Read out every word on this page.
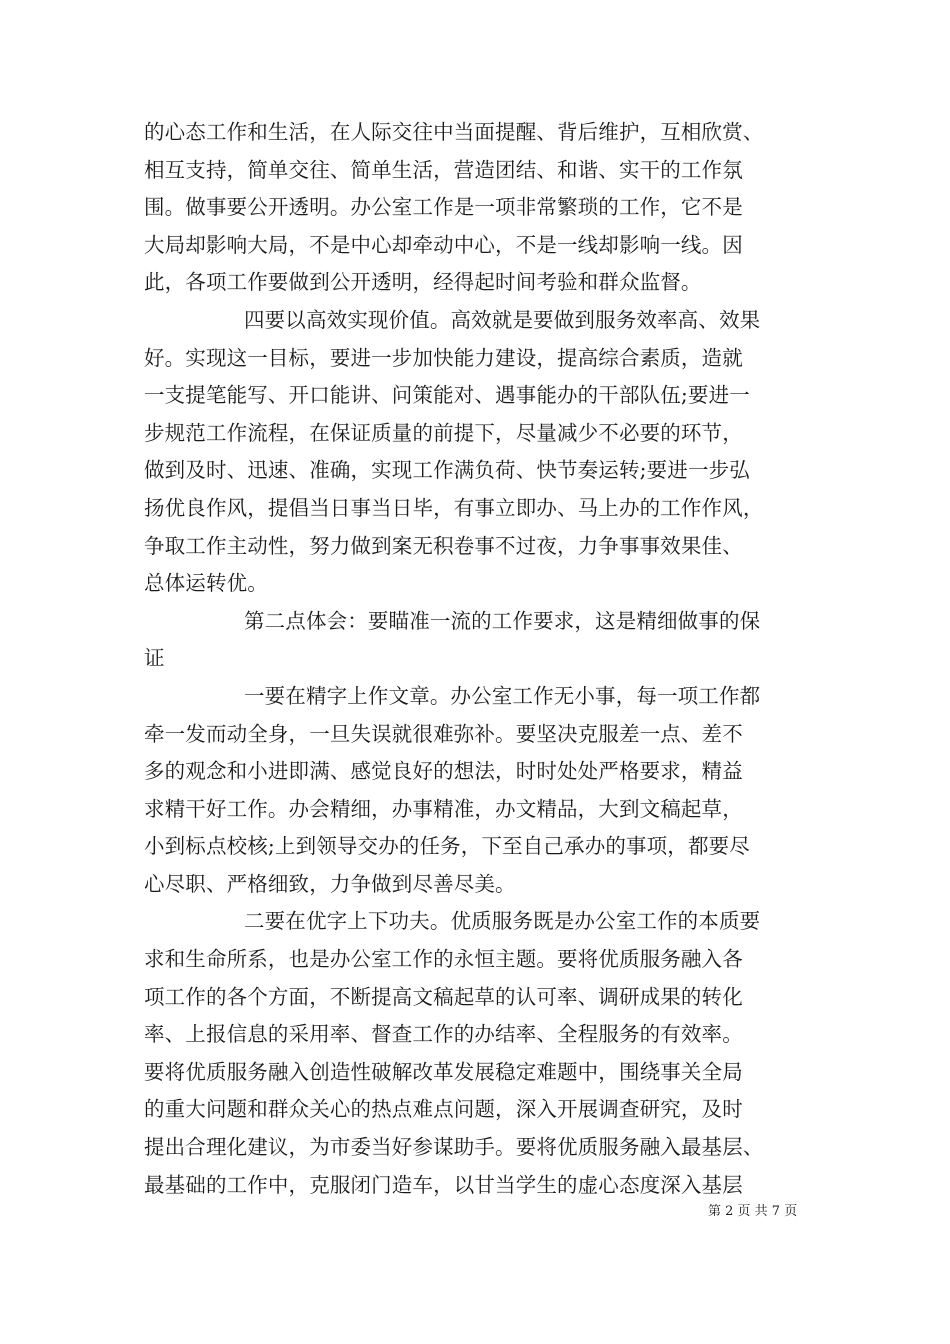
的心态工作和生活，在人际交往中当面提醒、背后维护，互相欣赏、
相互支持，简单交往、简单生活，营造团结、和谐、实干的工作氛
围。做事要公开透明。办公室工作是一项非常繁琐的工作，它不是
大局却影响大局，不是中心却牵动中心，不是一线却影响一线。因
此，各项工作要做到公开透明，经得起时间考验和群众监督。
四要以高效实现价值。高效就是要做到服务效率高、效果
好。实现这一目标，要进一步加快能力建设，提高综合素质，造就
一支提笔能写、开口能讲、问策能对、遇事能办的干部队伍;要进一
步规范工作流程，在保证质量的前提下，尽量减少不必要的环节，
做到及时、迅速、准确，实现工作满负荷、快节奏运转;要进一步弘
扬优良作风，提倡当日事当日毕，有事立即办、马上办的工作作风，
争取工作主动性，努力做到案无积卷事不过夜，力争事事效果佳、
总体运转优。
第二点体会：要瞄准一流的工作要求，这是精细做事的保
证
一要在精字上作文章。办公室工作无小事，每一项工作都
牵一发而动全身，一旦失误就很难弥补。要坚决克服差一点、差不
多的观念和小进即满、感觉良好的想法，时时处处严格要求，精益
求精干好工作。办会精细，办事精准，办文精品，大到文稿起草，
小到标点校核;上到领导交办的任务，下至自己承办的事项，都要尽
心尽职、严格细致，力争做到尽善尽美。
二要在优字上下功夫。优质服务既是办公室工作的本质要
求和生命所系，也是办公室工作的永恒主题。要将优质服务融入各
项工作的各个方面，不断提高文稿起草的认可率、调研成果的转化
率、上报信息的采用率、督查工作的办结率、全程服务的有效率。
要将优质服务融入创造性破解改革发展稳定难题中，围绕事关全局
的重大问题和群众关心的热点难点问题，深入开展调查研究，及时
提出合理化建议，为市委当好参谋助手。要将优质服务融入最基层、
最基础的工作中，克服闭门造车，以甘当学生的虚心态度深入基层
第 2 页 共 7 页
